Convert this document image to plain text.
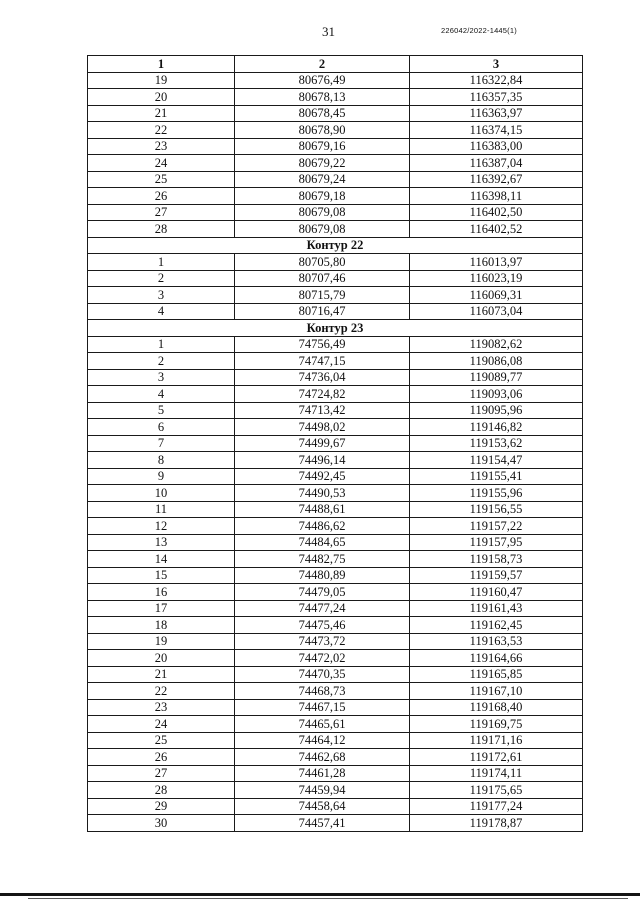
31	226042/2022-1445(1)
1	2	3
19	80676,49	116322,84
20	80678,13	116357,35
21	80678,45	116363,97
22	80678,90	116374,15
23	80679,16	116383,00
24	80679,22	116387,04
25	80679,24	116392,67
26	80679,18	116398,11
27	80679,08	116402,50
28	80679,08	116402,52
Контур 22		
1	80705,80	116013,97
2	80707,46	116023,19
3	80715,79	116069,31
4	80716,47	116073,04
Контур 23		
1	74756,49	119082,62
2	74747,15	119086,08
3	74736,04	119089,77
4	74724,82	119093,06
5	74713,42	119095,96
6	74498,02	119146,82
7	74499,67	119153,62
8	74496,14	119154,47
9	74492,45	119155,41
10	74490,53	119155,96
11	74488,61	119156,55
12	74486,62	119157,22
13	74484,65	119157,95
14	74482,75	119158,73
15	74480,89	119159,57
16	74479,05	119160,47
17	74477,24	119161,43
18	74475,46	119162,45
19	74473,72	119163,53
20	74472,02	119164,66
21	74470,35	119165,85
22	74468,73	119167,10
23	74467,15	119168,40
24	74465,61	119169,75
25	74464,12	119171,16
26	74462,68	119172,61
27	74461,28	119174,11
28	74459,94	119175,65
29	74458,64	119177,24
30	74457,41	119178,87
